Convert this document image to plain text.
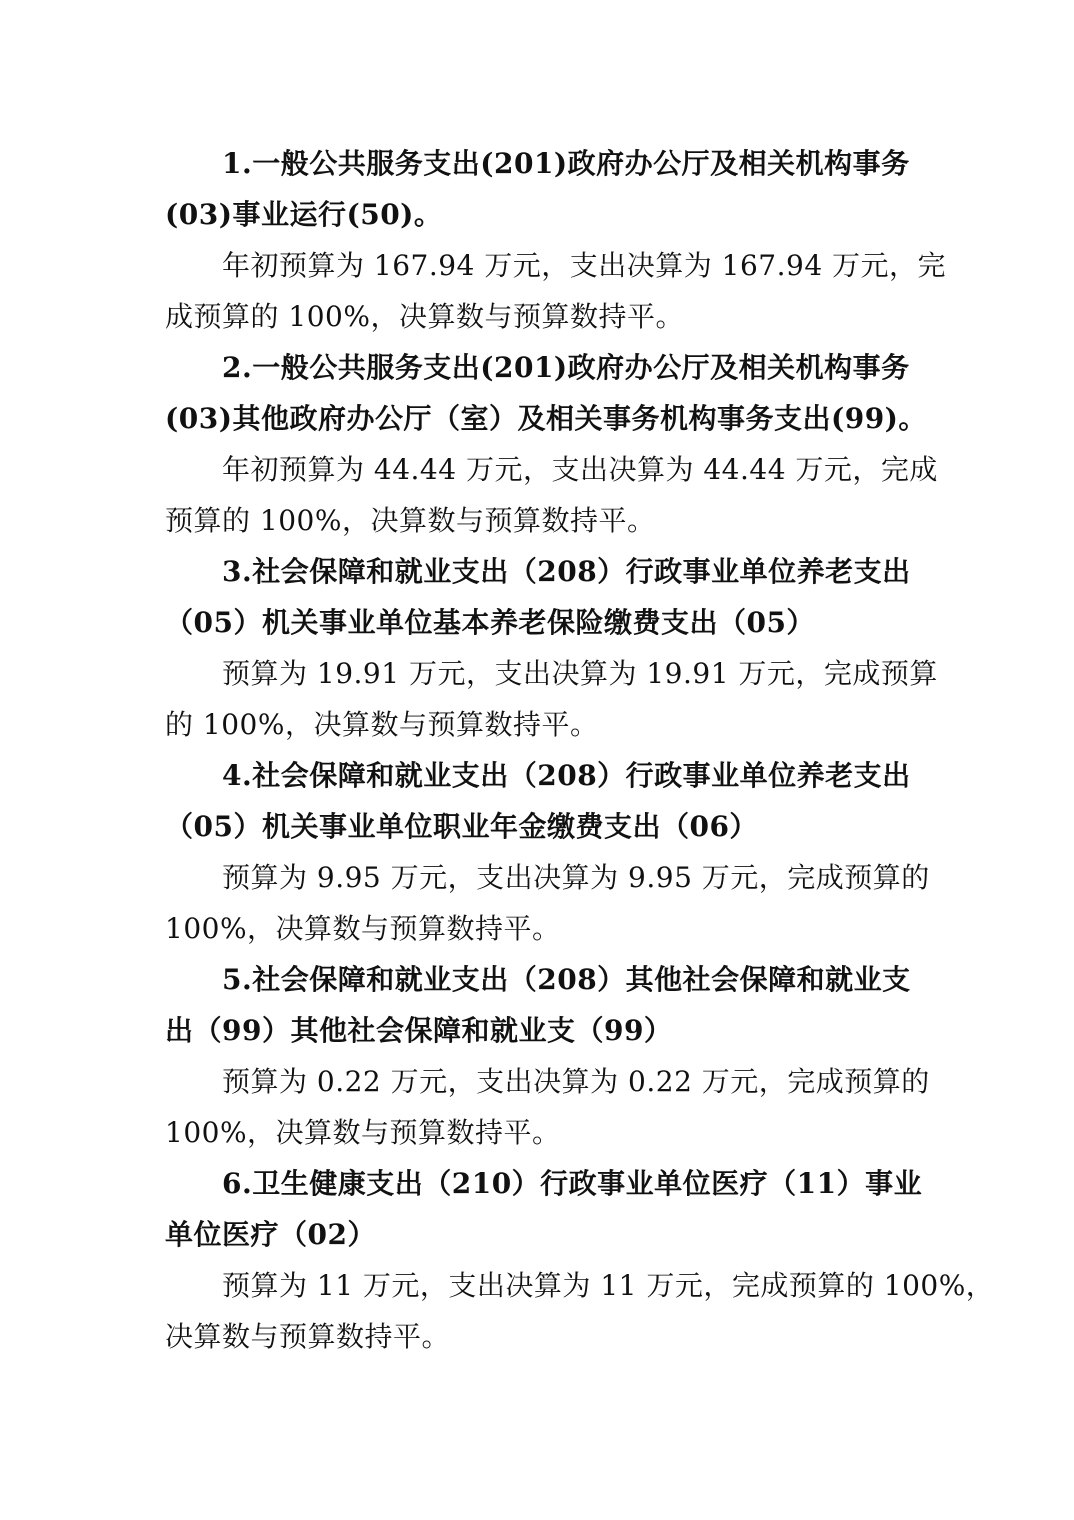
1.一般公共服务支出(201)政府办公厅及相关机构事务
(03)事业运行(50)。
年初预算为 167.94 万元，支出决算为 167.94 万元，完
成预算的 100%，决算数与预算数持平。
2.一般公共服务支出(201)政府办公厅及相关机构事务
(03)其他政府办公厅（室）及相关事务机构事务支出(99)。
年初预算为 44.44 万元，支出决算为 44.44 万元，完成
预算的 100%，决算数与预算数持平。
3.社会保障和就业支出（208）行政事业单位养老支出
（05）机关事业单位基本养老保险缴费支出（05）
预算为 19.91 万元，支出决算为 19.91 万元，完成预算
的 100%，决算数与预算数持平。
4.社会保障和就业支出（208）行政事业单位养老支出
（05）机关事业单位职业年金缴费支出（06）
预算为 9.95 万元，支出决算为 9.95 万元，完成预算的
100%，决算数与预算数持平。
5.社会保障和就业支出（208）其他社会保障和就业支
出（99）其他社会保障和就业支（99）
预算为 0.22 万元，支出决算为 0.22 万元，完成预算的
100%，决算数与预算数持平。
6.卫生健康支出（210）行政事业单位医疗（11）事业
单位医疗（02）
预算为 11 万元，支出决算为 11 万元，完成预算的 100%，
决算数与预算数持平。
